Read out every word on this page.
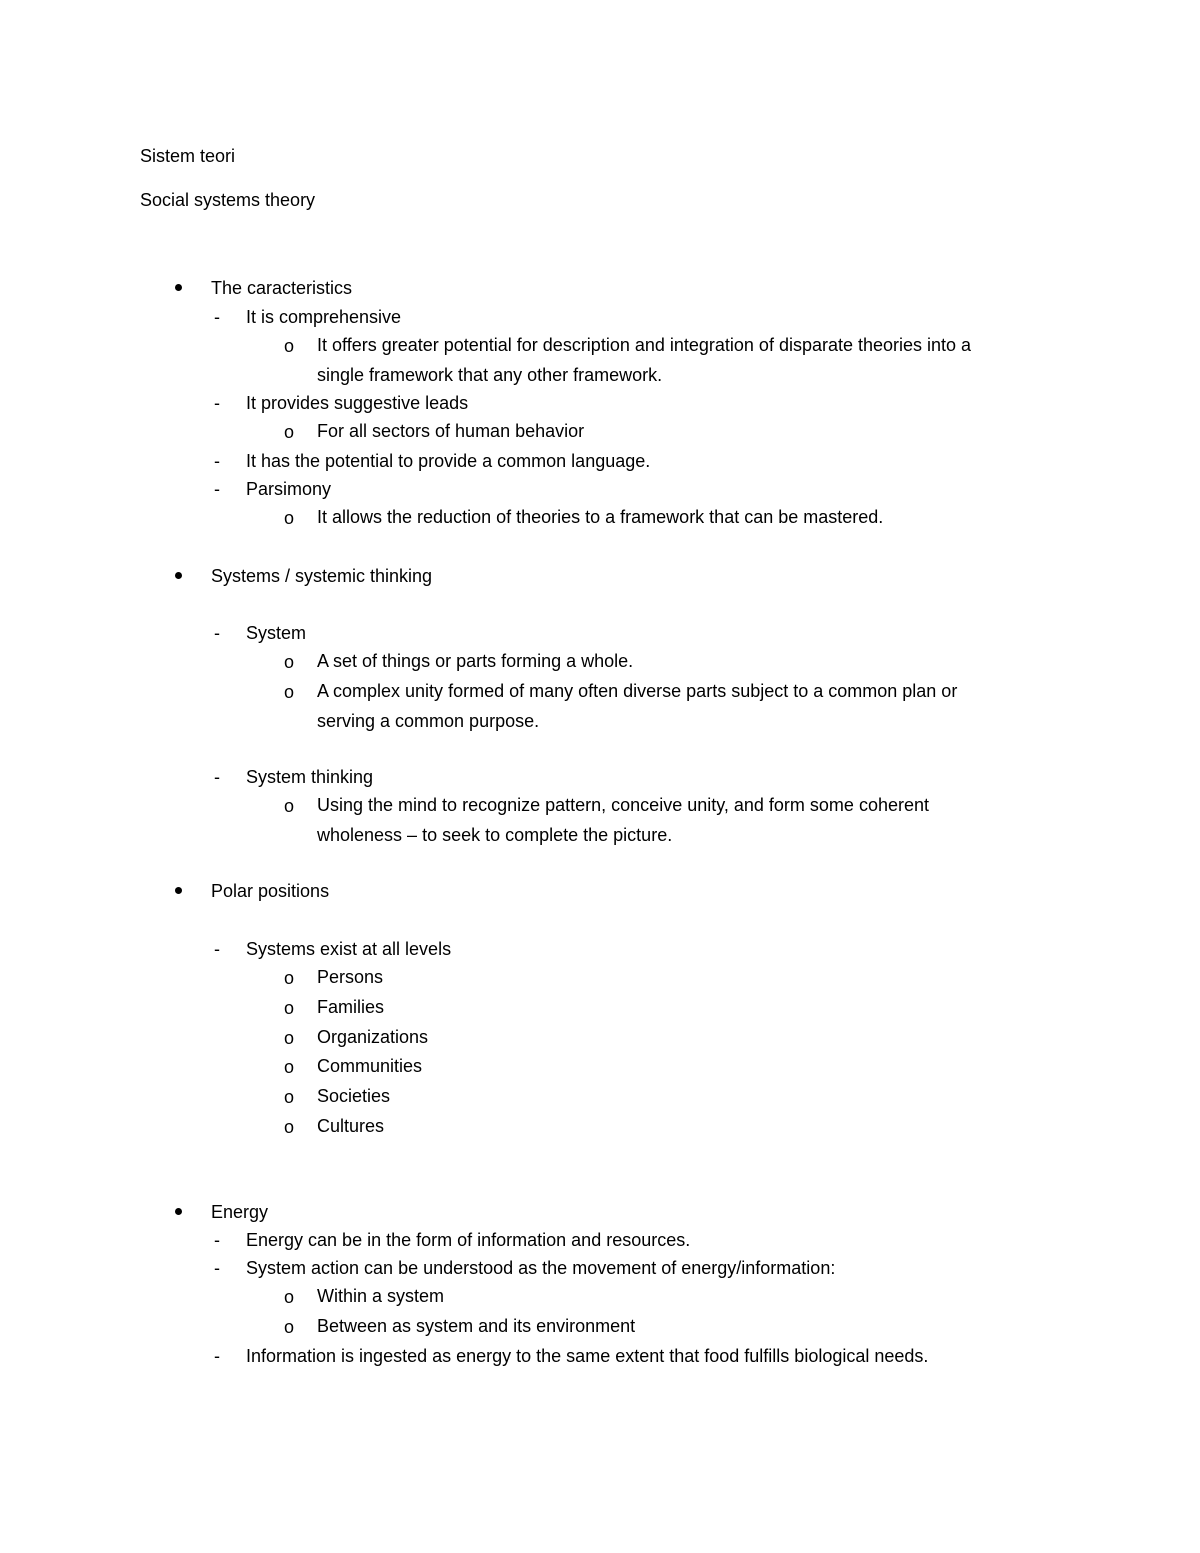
Sistem teori
Social systems theory
The caracteristics
- It is comprehensive
o It offers greater potential for description and integration of disparate theories into a
single framework that any other framework.
- It provides suggestive leads
o For all sectors of human behavior
- It has the potential to provide a common language.
- Parsimony
o It allows the reduction of theories to a framework that can be mastered.
Systems / systemic thinking
- System
o A set of things or parts forming a whole.
o A complex unity formed of many often diverse parts subject to a common plan or
serving a common purpose.
- System thinking
o Using the mind to recognize pattern, conceive unity, and form some coherent
wholeness – to seek to complete the picture.
Polar positions
- Systems exist at all levels
o Persons
o Families
o Organizations
o Communities
o Societies
o Cultures
Energy
- Energy can be in the form of information and resources.
- System action can be understood as the movement of energy/information:
o Within a system
o Between as system and its environment
- Information is ingested as energy to the same extent that food fulfills biological needs.
